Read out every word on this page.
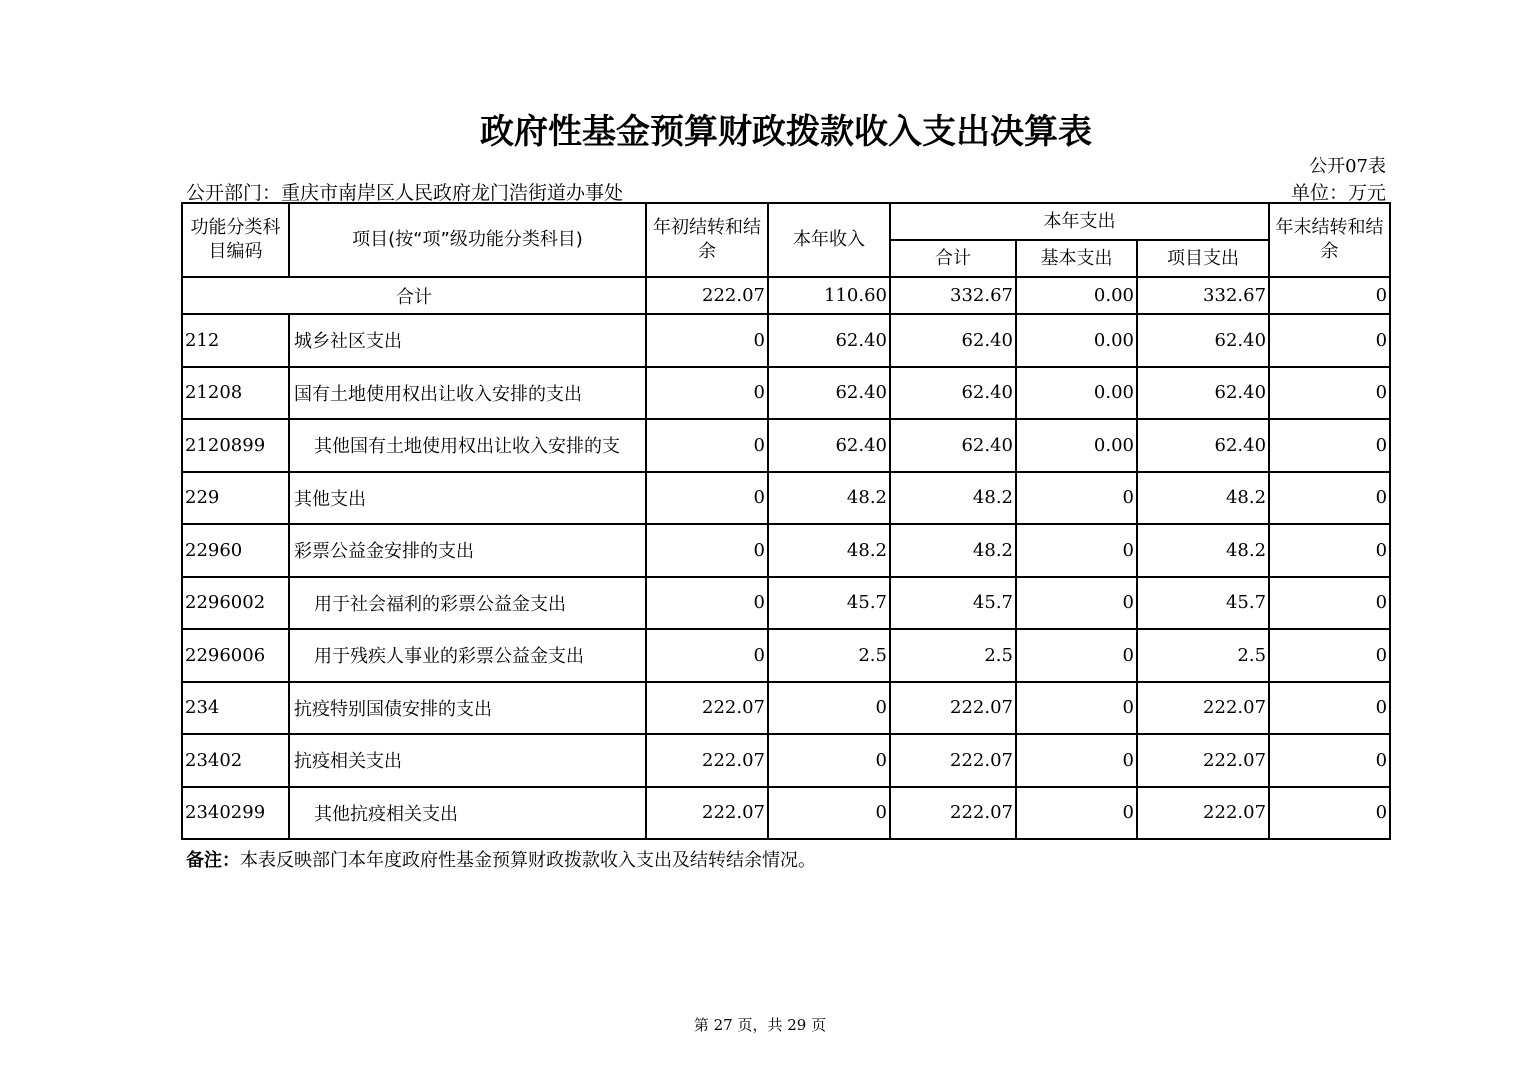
政府性基金预算财政拨款收入支出决算表
公开07表
公开部门：重庆市南岸区人民政府龙门浩街道办事处	单位：万元
功能分类科目编码	项目(按“项”级功能分类科目)	年初结转和结余	本年收入	本年支出			年末结转和结余
				合计	基本支出	项目支出	
合计		222.07	110.60	332.67	0.00	332.67	0
212	城乡社区支出	0	62.40	62.40	0.00	62.40	0
21208	国有土地使用权出让收入安排的支出	0	62.40	62.40	0.00	62.40	0
2120899	其他国有土地使用权出让收入安排的支	0	62.40	62.40	0.00	62.40	0
229	其他支出	0	48.2	48.2	0	48.2	0
22960	彩票公益金安排的支出	0	48.2	48.2	0	48.2	0
2296002	用于社会福利的彩票公益金支出	0	45.7	45.7	0	45.7	0
2296006	用于残疾人事业的彩票公益金支出	0	2.5	2.5	0	2.5	0
234	抗疫特别国债安排的支出	222.07	0	222.07	0	222.07	0
23402	抗疫相关支出	222.07	0	222.07	0	222.07	0
2340299	其他抗疫相关支出	222.07	0	222.07	0	222.07	0
备注：本表反映部门本年度政府性基金预算财政拨款收入支出及结转结余情况。
第 27 页，共 29 页
